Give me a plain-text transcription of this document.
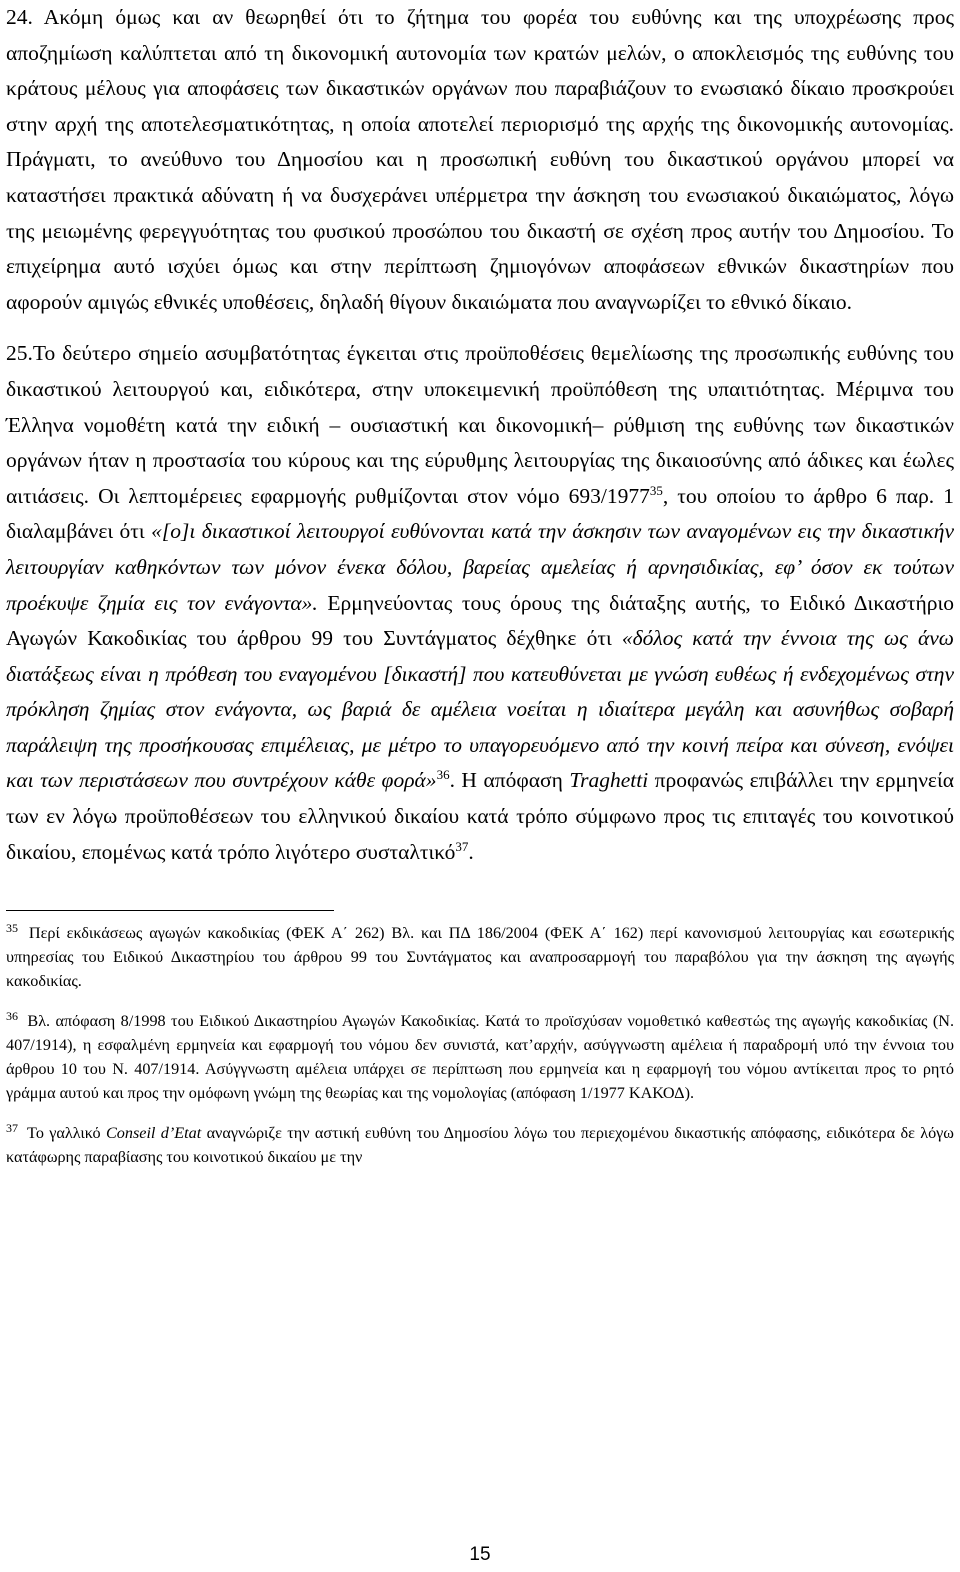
24. Ακόμη όμως και αν θεωρηθεί ότι το ζήτημα του φορέα του ευθύνης και της υποχρέωσης προς αποζημίωση καλύπτεται από τη δικονομική αυτονομία των κρατών μελών, ο αποκλεισμός της ευθύνης του κράτους μέλους για αποφάσεις των δικαστικών οργάνων που παραβιάζουν το ενωσιακό δίκαιο προσκρούει στην αρχή της αποτελεσματικότητας, η οποία αποτελεί περιορισμό της αρχής της δικονομικής αυτονομίας. Πράγματι, το ανεύθυνο του Δημοσίου και η προσωπική ευθύνη του δικαστικού οργάνου μπορεί να καταστήσει πρακτικά αδύνατη ή να δυσχεράνει υπέρμετρα την άσκηση του ενωσιακού δικαιώματος, λόγω της μειωμένης φερεγγυότητας του φυσικού προσώπου του δικαστή σε σχέση προς αυτήν του Δημοσίου. Το επιχείρημα αυτό ισχύει όμως και στην περίπτωση ζημιογόνων αποφάσεων εθνικών δικαστηρίων που αφορούν αμιγώς εθνικές υποθέσεις, δηλαδή θίγουν δικαιώματα που αναγνωρίζει το εθνικό δίκαιο.

25.Το δεύτερο σημείο ασυμβατότητας έγκειται στις προϋποθέσεις θεμελίωσης της προσωπικής ευθύνης του δικαστικού λειτουργού και, ειδικότερα, στην υποκειμενική προϋπόθεση της υπαιτιότητας. Μέριμνα του Έλληνα νομοθέτη κατά την ειδική – ουσιαστική και δικονομική– ρύθμιση της ευθύνης των δικαστικών οργάνων ήταν η προστασία του κύρους και της εύρυθμης λειτουργίας της δικαιοσύνης από άδικες και έωλες αιτιάσεις. Οι λεπτομέρειες εφαρμογής ρυθμίζονται στον νόμο 693/1977$^{35}$, του οποίου το άρθρο 6 παρ. 1 διαλαμβάνει ότι «[ο]ι δικαστικοί λειτουργοί ευθύνονται κατά την άσκησιν των αναγομένων εις την δικαστικήν λειτουργίαν καθηκόντων των μόνον ένεκα δόλου, βαρείας αμελείας ή αρνησιδικίας, εφ’ όσον εκ τούτων προέκυψε ζημία εις τον ενάγοντα». Ερμηνεύοντας τους όρους της διάταξης αυτής, το Ειδικό Δικαστήριο Αγωγών Κακοδικίας του άρθρου 99 του Συντάγματος δέχθηκε ότι «δόλος κατά την έννοια της ως άνω διατάξεως είναι η πρόθεση του εναγομένου [δικαστή] που κατευθύνεται με γνώση ευθέως ή ενδεχομένως στην πρόκληση ζημίας στον ενάγοντα, ως βαριά δε αμέλεια νοείται η ιδιαίτερα μεγάλη και ασυνήθως σοβαρή παράλειψη της προσήκουσας επιμέλειας, με μέτρο το υπαγορευόμενο από την κοινή πείρα και σύνεση, ενόψει και των περιστάσεων που συντρέχουν κάθε φορά»$^{36}$. Η απόφαση Traghetti προφανώς επιβάλλει την ερμηνεία των εν λόγω προϋποθέσεων του ελληνικού δικαίου κατά τρόπο σύμφωνο προς τις επιταγές του κοινοτικού δικαίου, επομένως κατά τρόπο λιγότερο συσταλτικό$^{37}$.

$^{35}$ Περί εκδικάσεως αγωγών κακοδικίας (ΦΕΚ Α΄ 262) Βλ. και ΠΔ 186/2004 (ΦΕΚ Α΄ 162) περί κανονισμού λειτουργίας και εσωτερικής υπηρεσίας του Ειδικού Δικαστηρίου του άρθρου 99 του Συντάγματος και αναπροσαρμογή του παραβόλου για την άσκηση της αγωγής κακοδικίας.

$^{36}$ Βλ. απόφαση 8/1998 του Ειδικού Δικαστηρίου Αγωγών Κακοδικίας. Κατά το προϊσχύσαν νομοθετικό καθεστώς της αγωγής κακοδικίας (Ν. 407/1914), η εσφαλμένη ερμηνεία και εφαρμογή του νόμου δεν συνιστά, κατ’αρχήν, ασύγγνωστη αμέλεια ή παραδρομή υπό την έννοια του άρθρου 10 του Ν. 407/1914. Ασύγγνωστη αμέλεια υπάρχει σε περίπτωση που ερμηνεία και η εφαρμογή του νόμου αντίκειται προς το ρητό γράμμα αυτού και προς την ομόφωνη γνώμη της θεωρίας και της νομολογίας (απόφαση 1/1977 ΚΑΚΟΔ).

$^{37}$ Το γαλλικό Conseil d’Etat αναγνώριζε την αστική ευθύνη του Δημοσίου λόγω του περιεχομένου δικαστικής απόφασης, ειδικότερα δε λόγω κατάφωρης παραβίασης του κοινοτικού δικαίου με την

15
